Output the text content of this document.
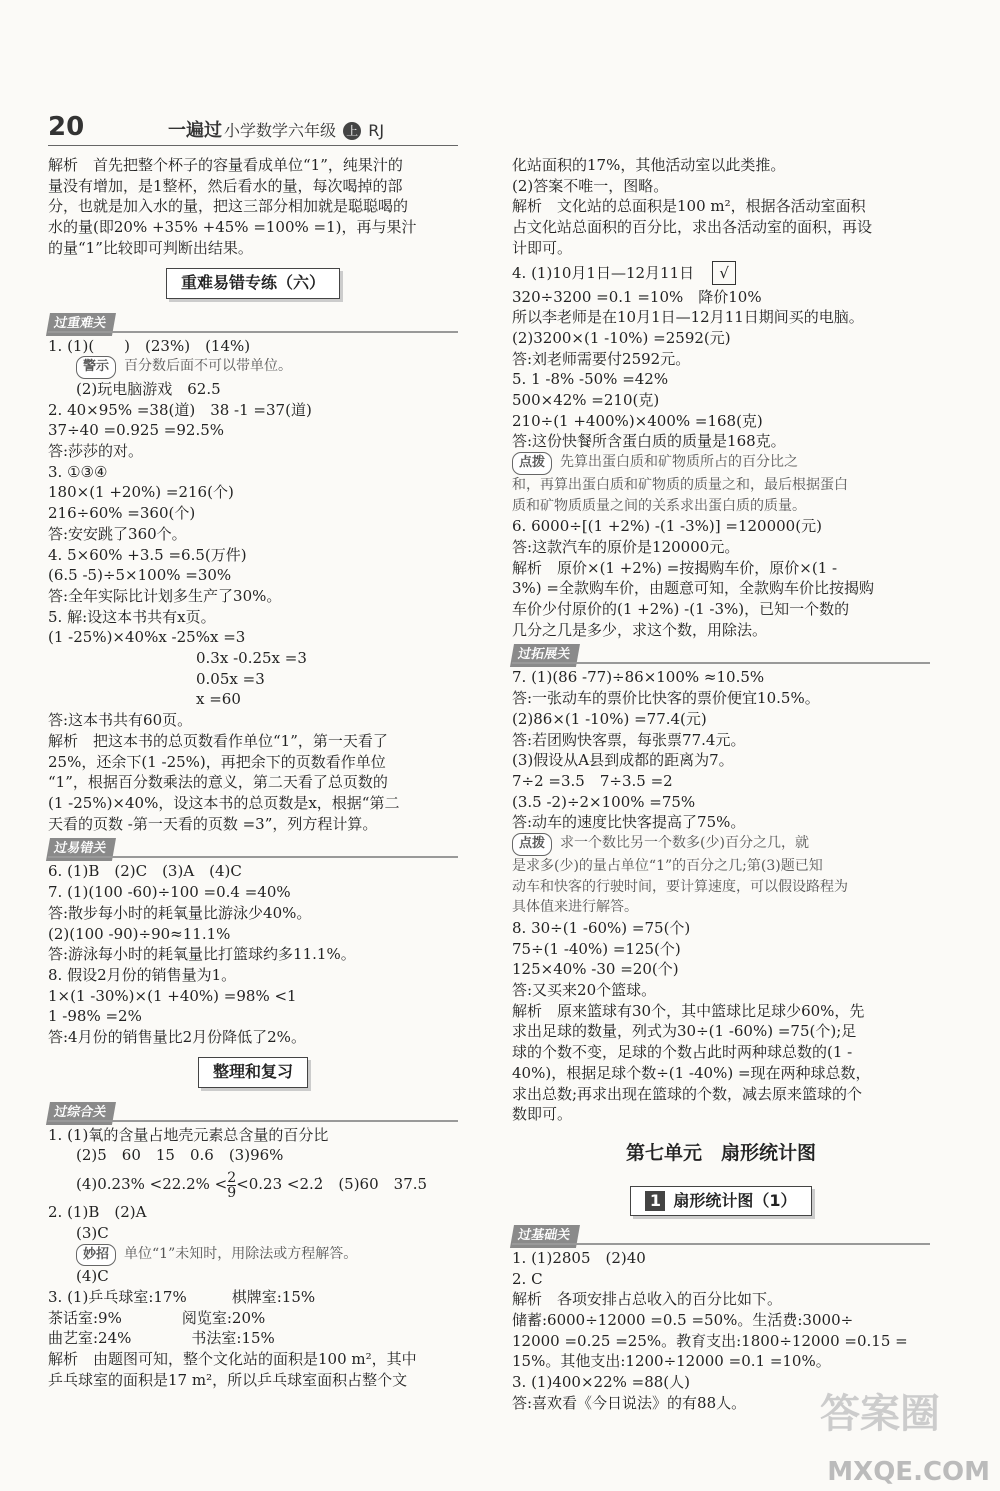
20	一遍过 小学数学六年级 上 RJ
解析　首先把整个杯子的容量看成单位“1”，纯果汁的
量没有增加，是1整杯，然后看水的量，每次喝掉的部
分，也就是加入水的量，把这三部分相加就是聪聪喝的
水的量(即20% +35% +45% =100% =1)，再与果汁
的量“1”比较即可判断出结果。
重难易错专练（六）
过重难关
1. (1)(　　)　(23%)　(14%)
警示 百分数后面不可以带单位。
(2)玩电脑游戏　62.5
2. 40×95% =38(道)　38 -1 =37(道)
37÷40 =0.925 =92.5%
答:莎莎的对。
3. ①③④
180×(1 +20%) =216(个)
216÷60% =360(个)
答:安安跳了360个。
4. 5×60% +3.5 =6.5(万件)
(6.5 -5)÷5×100% =30%
答:全年实际比计划多生产了30%。
5. 解:设这本书共有x页。
(1 -25%)×40%x -25%x =3
0.3x -0.25x =3
0.05x =3
x =60
答:这本书共有60页。
解析　把这本书的总页数看作单位“1”，第一天看了
25%，还余下(1 -25%)，再把余下的页数看作单位
“1”，根据百分数乘法的意义，第二天看了总页数的
(1 -25%)×40%，设这本书的总页数是x，根据“第二
天看的页数 -第一天看的页数 =3”，列方程计算。
过易错关
6. (1)B　(2)C　(3)A　(4)C
7. (1)(100 -60)÷100 =0.4 =40%
答:散步每小时的耗氧量比游泳少40%。
(2)(100 -90)÷90≈11.1%
答:游泳每小时的耗氧量比打篮球约多11.1%。
8. 假设2月份的销售量为1。
1×(1 -30%)×(1 +40%) =98% <1
1 -98% =2%
答:4月份的销售量比2月份降低了2%。
整理和复习
过综合关
1. (1)氧的含量占地壳元素总含量的百分比
(2)5　60　15　0.6　(3)96%
$(4)0.23\% <22.2\% < \frac{2}{9} <0.23$ <2.2̇　(5)60　37.5
2. (1)B　(2)A
(3)C
妙招 单位“1”未知时，用除法或方程解答。
(4)C
3. (1)乒乓球室:17%　　　棋牌室:15%
茶话室:9%　　　　阅览室:20%
曲艺室:24%　　　　书法室:15%
解析　由题图可知，整个文化站的面积是100 m²，其中
乒乓球室的面积是17 m²，所以乒乓球室面积占整个文
化站面积的17%，其他活动室以此类推。
(2)答案不唯一，图略。
解析　文化站的总面积是100 m²，根据各活动室面积
占文化站总面积的百分比，求出各活动室的面积，再设
计即可。
4. (1)10月1日—12月11日 √
320÷3200 =0.1 =10%　降价10%
所以李老师是在10月1日—12月11日期间买的电脑。
(2)3200×(1 -10%) =2592(元)
答:刘老师需要付2592元。
5. 1 -8% -50% =42%
500×42% =210(克)
210÷(1 +400%)×400% =168(克)
答:这份快餐所含蛋白质的质量是168克。
点拨 先算出蛋白质和矿物质所占的百分比之
和，再算出蛋白质和矿物质的质量之和，最后根据蛋白
质和矿物质质量之间的关系求出蛋白质的质量。
6. 6000÷[(1 +2%) -(1 -3%)] =120000(元)
答:这款汽车的原价是120000元。
解析　原价×(1 +2%) =按揭购车价，原价×(1 -
3%) =全款购车价，由题意可知，全款购车价比按揭购
车价少付原价的(1 +2%) -(1 -3%)，已知一个数的
几分之几是多少，求这个数，用除法。
过拓展关
7. (1)(86 -77)÷86×100% ≈10.5%
答:一张动车的票价比快客的票价便宜10.5%。
(2)86×(1 -10%) =77.4(元)
答:若团购快客票，每张票77.4元。
(3)假设从A县到成都的距离为7。
7÷2 =3.5　7÷3.5 =2
(3.5 -2)÷2×100% =75%
答:动车的速度比快客提高了75%。
点拨 求一个数比另一个数多(少)百分之几，就
是求多(少)的量占单位“1”的百分之几;第(3)题已知
动车和快客的行驶时间，要计算速度，可以假设路程为
具体值来进行解答。
8. 30÷(1 -60%) =75(个)
75÷(1 -40%) =125(个)
125×40% -30 =20(个)
答:又买来20个篮球。
解析　原来篮球有30个，其中篮球比足球少60%，先
求出足球的数量，列式为30÷(1 -60%) =75(个);足
球的个数不变，足球的个数占此时两种球总数的(1 -
40%)，根据足球个数÷(1 -40%) =现在两种球总数，
求出总数;再求出现在篮球的个数，减去原来篮球的个
数即可。
第七单元　扇形统计图
1 扇形统计图（1）
过基础关
1. (1)2805　(2)40
2. C
解析　各项安排占总收入的百分比如下。
储蓄:6000÷12000 =0.5 =50%。生活费:3000÷
12000 =0.25 =25%。教育支出:1800÷12000 =0.15 =
15%。其他支出:1200÷12000 =0.1 =10%。
3. (1)400×22% =88(人)
答:喜欢看《今日说法》的有88人。	答案圈
MXQE.COM
